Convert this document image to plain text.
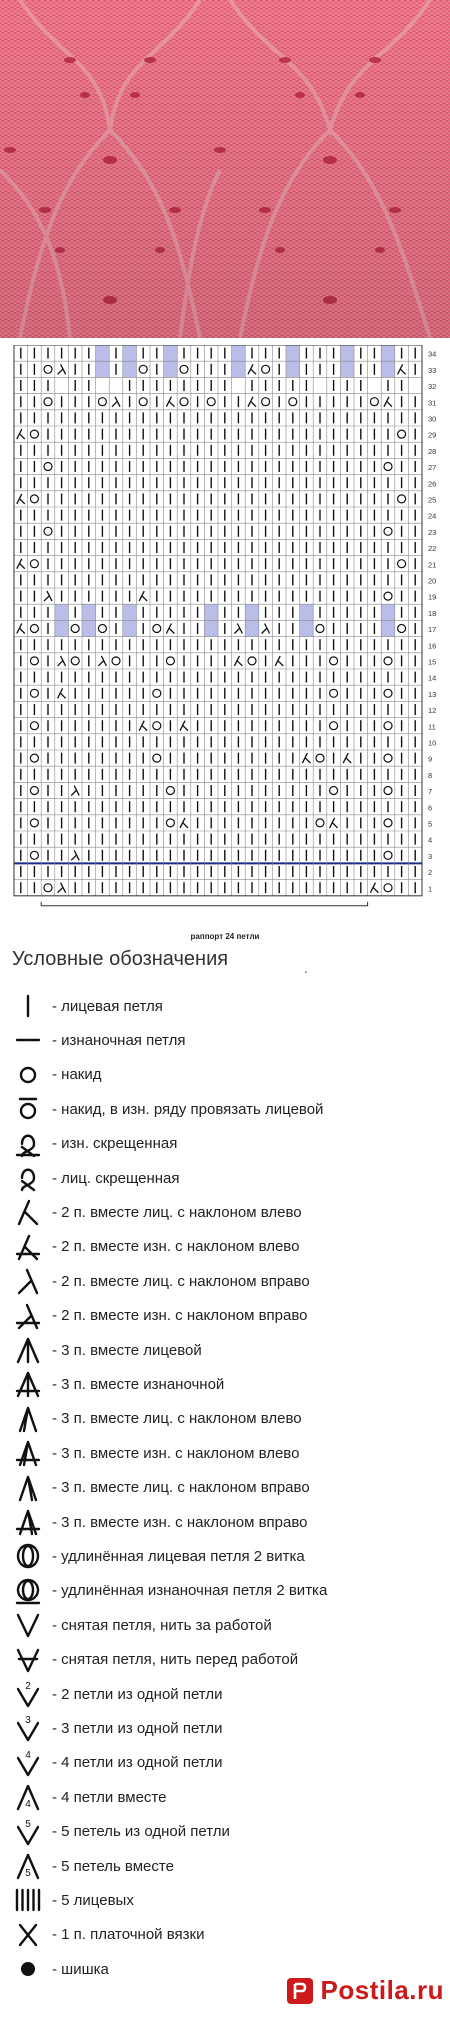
34
33
32
31
30
29
28
27
26
25
24
23
22
21
20
19
18
17
16
15
14
13
12
11
10
9
8
7
6
5
4
3
2
1
раппорт 24 петли
Условные обозначения	.
- лицевая петля
- изнаночная петля
- накид
- накид, в изн. ряду провязать лицевой
- изн. скрещенная
- лиц. скрещенная
- 2 п. вместе лиц. с наклоном влево
- 2 п. вместе изн. с наклоном влево
- 2 п. вместе лиц. с наклоном вправо
- 2 п. вместе изн. с наклоном вправо
- 3 п. вместе лицевой
- 3 п. вместе изнаночной
- 3 п. вместе лиц. с наклоном влево
- 3 п. вместе изн. с наклоном влево
- 3 п. вместе лиц. с наклоном вправо
- 3 п. вместе изн. с наклоном вправо
- удлинённая лицевая петля 2 витка
- удлинённая изнаночная петля 2 витка
- снятая петля, нить за работой
- снятая петля, нить перед работой
2 - 2 петли из одной петли
3 - 3 петли из одной петли
4 - 4 петли из одной петли
4 - 4 петли вместе
5 - 5 петель из одной петли
5 - 5 петель вместе
- 5 лицевых
- 1 п. платочной вязки
- шишка
Postila.ru
